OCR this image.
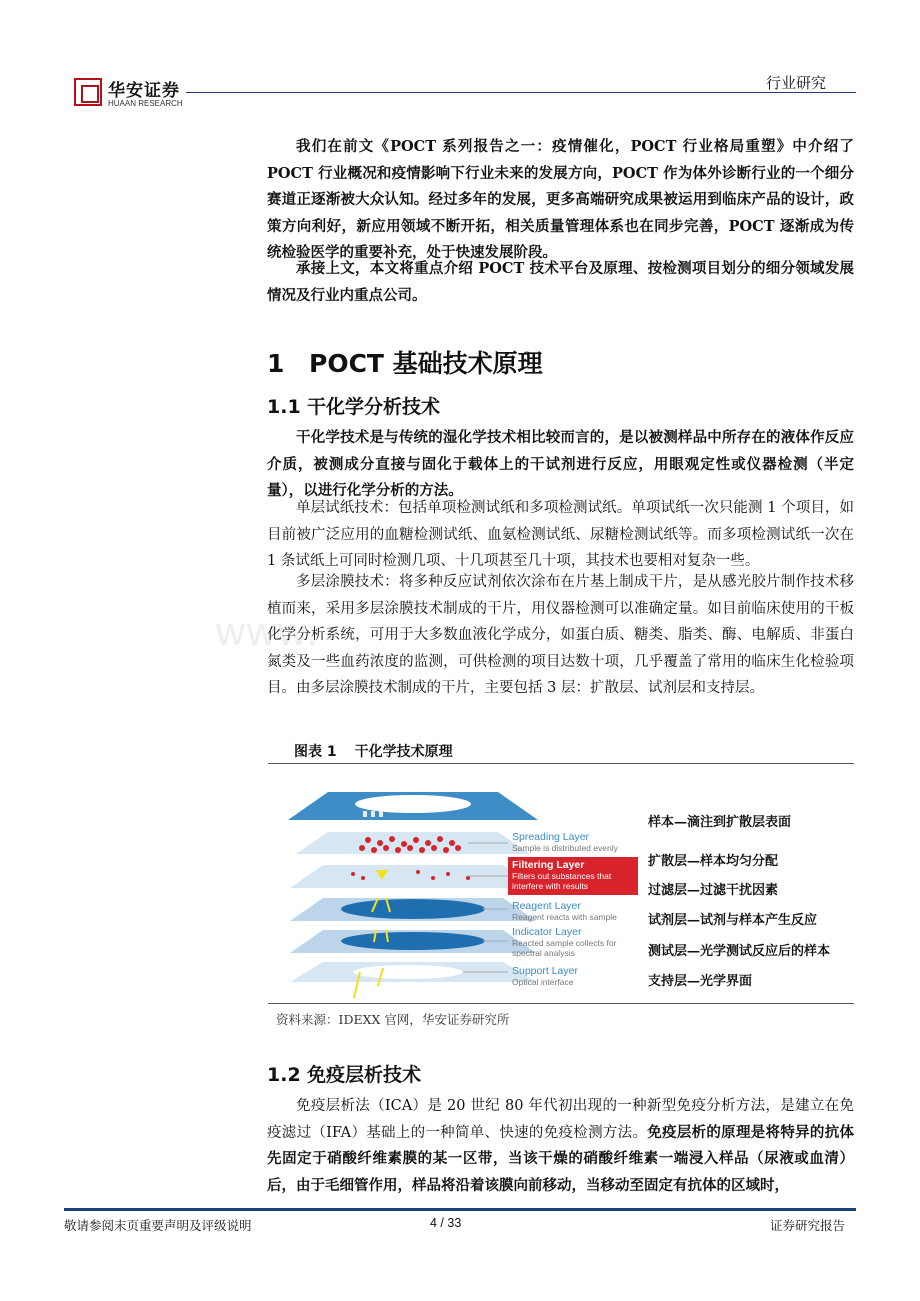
华安证券
HUAAN RESEARCH
行业研究
www.

我们在前文《POCT 系列报告之一：疫情催化，POCT 行业格局重塑》中介绍了 POCT 行业概况和疫情影响下行业未来的发展方向，POCT 作为体外诊断行业的一个细分赛道正逐渐被大众认知。经过多年的发展，更多高端研究成果被运用到临床产品的设计，政策方向利好，新应用领域不断开拓，相关质量管理体系也在同步完善，POCT 逐渐成为传统检验医学的重要补充，处于快速发展阶段。

承接上文，本文将重点介绍 POCT 技术平台及原理、按检测项目划分的细分领域发展情况及行业内重点公司。

1 POCT 基础技术原理
1.1 干化学分析技术

干化学技术是与传统的湿化学技术相比较而言的，是以被测样品中所存在的液体作反应介质，被测成分直接与固化于载体上的干试剂进行反应，用眼观定性或仪器检测（半定量），以进行化学分析的方法。

单层试纸技术：包括单项检测试纸和多项检测试纸。单项试纸一次只能测 1 个项目，如目前被广泛应用的血糖检测试纸、血氨检测试纸、尿糖检测试纸等。而多项检测试纸一次在 1 条试纸上可同时检测几项、十几项甚至几十项，其技术也要相对复杂一些。

多层涂膜技术：将多种反应试剂依次涂布在片基上制成干片，是从感光胶片制作技术移植而来，采用多层涂膜技术制成的干片，用仪器检测可以准确定量。如目前临床使用的干板化学分析系统，可用于大多数血液化学成分，如蛋白质、糖类、脂类、酶、电解质、非蛋白氮类及一些血药浓度的监测，可供检测的项目达数十项，几乎覆盖了常用的临床生化检验项目。由多层涂膜技术制成的干片，主要包括 3 层：扩散层、试剂层和支持层。

图表 1 干化学技术原理
Spreading Layer
Sample is distributed evenly
Filtering Layer
Filters out substances that interfere with results
Reagent Layer
Reagent reacts with sample
Indicator Layer
Reacted sample collects for spectral analysis
Support Layer
Optical interface
样本—滴注到扩散层表面
扩散层—样本均匀分配
过滤层—过滤干扰因素
试剂层—试剂与样本产生反应
测试层—光学测试反应后的样本
支持层—光学界面
资料来源：IDEXX 官网，华安证券研究所
1.2 免疫层析技术

免疫层析法（ICA）是 20 世纪 80 年代初出现的一种新型免疫分析方法，是建立在免疫滤过（IFA）基础上的一种简单、快速的免疫检测方法。免疫层析的原理是将特异的抗体先固定于硝酸纤维素膜的某一区带，当该干燥的硝酸纤维素一端浸入样品（尿液或血清）后，由于毛细管作用，样品将沿着该膜向前移动，当移动至固定有抗体的区域时，

敬请参阅末页重要声明及评级说明	4 / 33	证券研究报告
